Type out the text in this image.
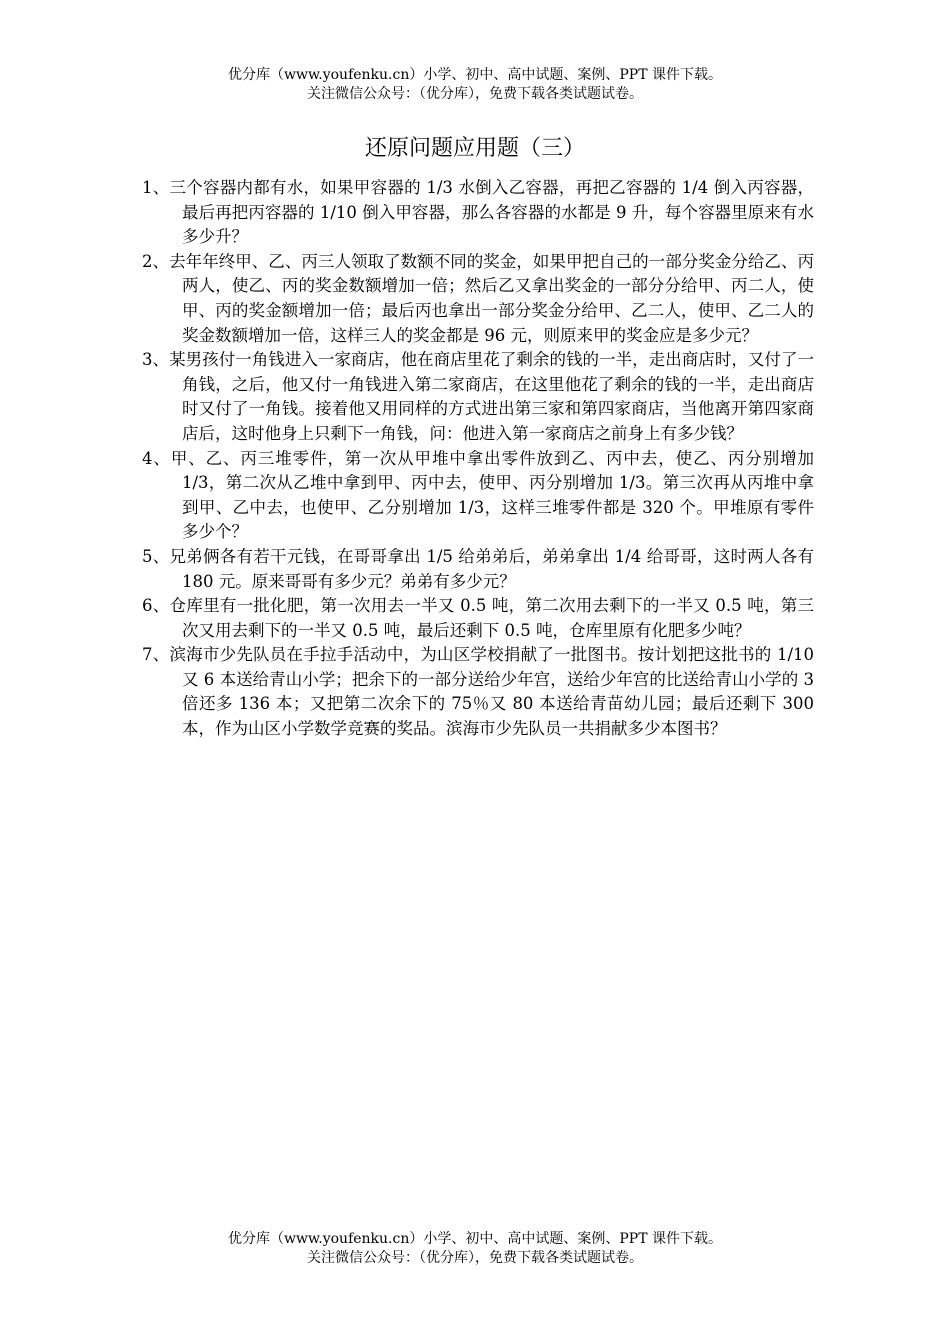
优分库（www.youfenku.cn）小学、初中、高中试题、案例、PPT 课件下载。
关注微信公众号：（优分库），免费下载各类试题试卷。
还原问题应用题（三）
1、三个容器内都有水，如果甲容器的 1/3 水倒入乙容器，再把乙容器的 1/4 倒入丙容器，最后再把丙容器的 1/10 倒入甲容器，那么各容器的水都是 9 升，每个容器里原来有水多少升？
2、去年年终甲、乙、丙三人领取了数额不同的奖金，如果甲把自己的一部分奖金分给乙、丙两人，使乙、丙的奖金数额增加一倍；然后乙又拿出奖金的一部分分给甲、丙二人，使甲、丙的奖金额增加一倍；最后丙也拿出一部分奖金分给甲、乙二人，使甲、乙二人的奖金数额增加一倍，这样三人的奖金都是 96 元，则原来甲的奖金应是多少元？
3、某男孩付一角钱进入一家商店，他在商店里花了剩余的钱的一半，走出商店时，又付了一角钱，之后，他又付一角钱进入第二家商店，在这里他花了剩余的钱的一半，走出商店时又付了一角钱。接着他又用同样的方式进出第三家和第四家商店，当他离开第四家商店后，这时他身上只剩下一角钱，问：他进入第一家商店之前身上有多少钱？
4、甲、乙、丙三堆零件，第一次从甲堆中拿出零件放到乙、丙中去，使乙、丙分别增加 1/3，第二次从乙堆中拿到甲、丙中去，使甲、丙分别增加 1/3。第三次再从丙堆中拿到甲、乙中去，也使甲、乙分别增加 1/3，这样三堆零件都是 320 个。甲堆原有零件多少个？
5、兄弟俩各有若干元钱，在哥哥拿出 1/5 给弟弟后，弟弟拿出 1/4 给哥哥，这时两人各有 180 元。原来哥哥有多少元？弟弟有多少元？
6、仓库里有一批化肥，第一次用去一半又 0.5 吨，第二次用去剩下的一半又 0.5 吨，第三次又用去剩下的一半又 0.5 吨，最后还剩下 0.5 吨，仓库里原有化肥多少吨？
7、滨海市少先队员在手拉手活动中，为山区学校捐献了一批图书。按计划把这批书的 1/10 又 6 本送给青山小学；把余下的一部分送给少年宫，送给少年宫的比送给青山小学的 3 倍还多 136 本；又把第二次余下的 75％又 80 本送给青苗幼儿园；最后还剩下 300 本，作为山区小学数学竞赛的奖品。滨海市少先队员一共捐献多少本图书？
优分库（www.youfenku.cn）小学、初中、高中试题、案例、PPT 课件下载。
关注微信公众号：（优分库），免费下载各类试题试卷。
